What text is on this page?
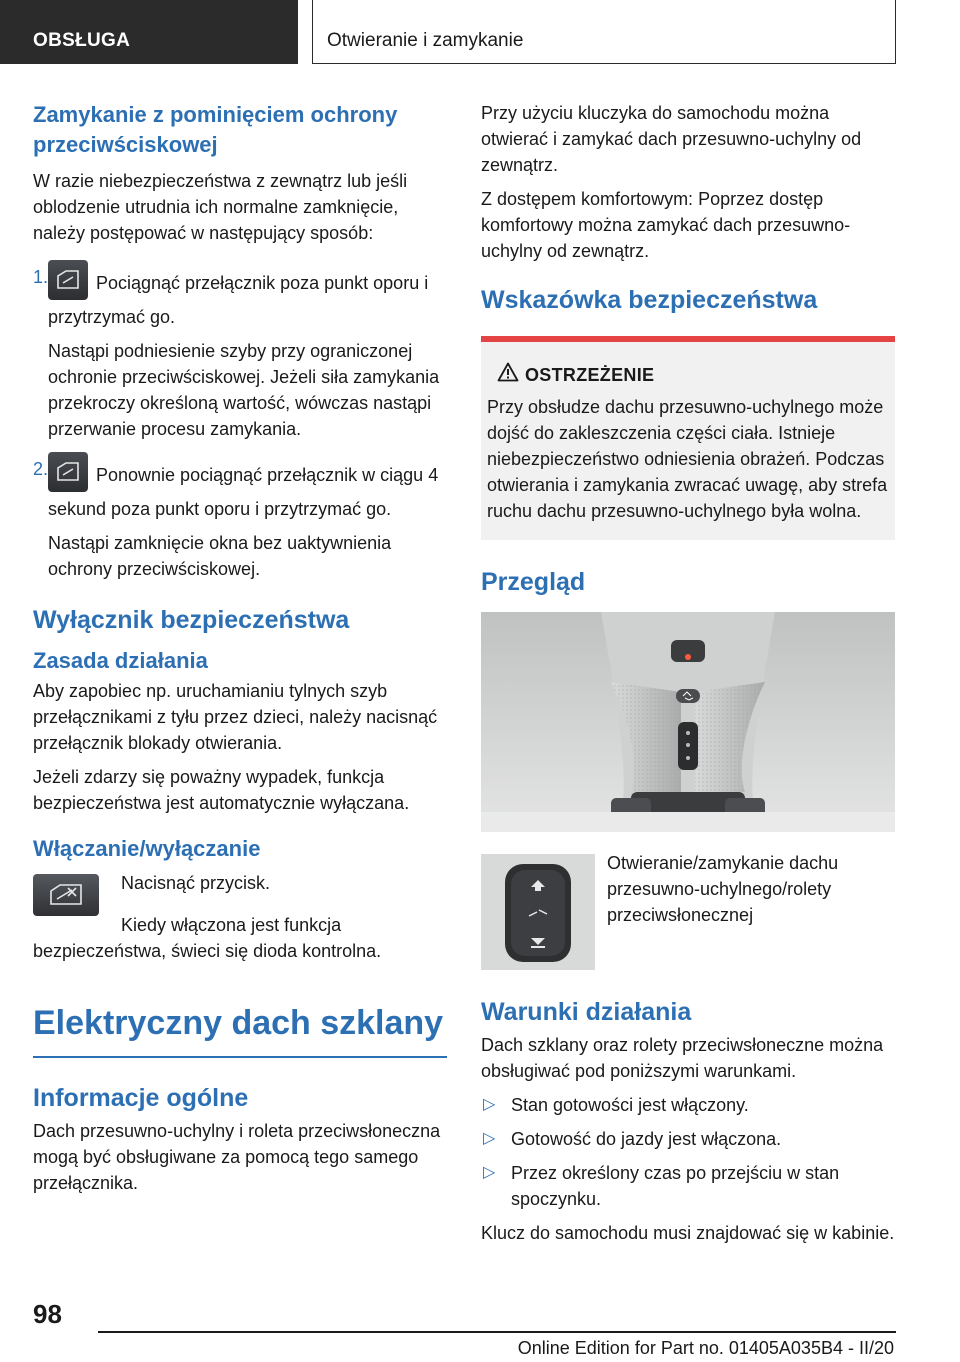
OBSŁUGA	Otwieranie i zamykanie
Zamykanie z pominięciem ochrony przeciwściskowej

W razie niebezpieczeństwa z zewnątrz lub jeśli oblodzenie utrudnia ich normalne zamknięcie, należy postępować w następujący sposób:

1.	Pociągnąć przełącznik poza punkt oporu i przytrzymać go.

Nastąpi podniesienie szyby przy ograniczonej ochronie przeciwściskowej. Jeżeli siła zamykania przekroczy określoną wartość, wówczas nastąpi przerwanie procesu zamykania.

2.	Ponownie pociągnąć przełącznik w ciągu 4 sekund poza punkt oporu i przytrzymać go.

Nastąpi zamknięcie okna bez uaktywnienia ochrony przeciwściskowej.

Wyłącznik bezpieczeństwa
Zasada działania

Aby zapobiec np. uruchamianiu tylnych szyb przełącznikami z tyłu przez dzieci, należy nacisnąć przełącznik blokady otwierania.

Jeżeli zdarzy się poważny wypadek, funkcja bezpieczeństwa jest automatycznie wyłączana.

Włączanie/wyłączanie

Nacisnąć przycisk.

Kiedy włączona jest funkcja bezpieczeństwa, świeci się dioda kontrolna.

Elektryczny dach szklany
Informacje ogólne

Dach przesuwno-uchylny i roleta przeciwsłoneczna mogą być obsługiwane za pomocą tego samego przełącznika.

Przy użyciu kluczyka do samochodu można otwierać i zamykać dach przesuwno-uchylny od zewnątrz.

Z dostępem komfortowym: Poprzez dostęp komfortowy można zamykać dach przesuwno-uchylny od zewnątrz.

Wskazówka bezpieczeństwa
OSTRZEŻENIE

Przy obsłudze dachu przesuwno-uchylnego może dojść do zakleszczenia części ciała. Istnieje niebezpieczeństwo odniesienia obrażeń. Podczas otwierania i zamykania zwracać uwagę, aby strefa ruchu dachu przesuwno-uchylnego była wolna.

Przegląd

Otwieranie/zamykanie dachu przesuwno-uchylnego/rolety przeciwsłonecznej

Warunki działania

Dach szklany oraz rolety przeciwsłoneczne można obsługiwać pod poniższymi warunkami.

▷ Stan gotowości jest włączony.
▷ Gotowość do jazdy jest włączona.
▷ Przez określony czas po przejściu w stan spoczynku.

Klucz do samochodu musi znajdować się w kabinie.

98
Online Edition for Part no. 01405A035B4 - II/20
